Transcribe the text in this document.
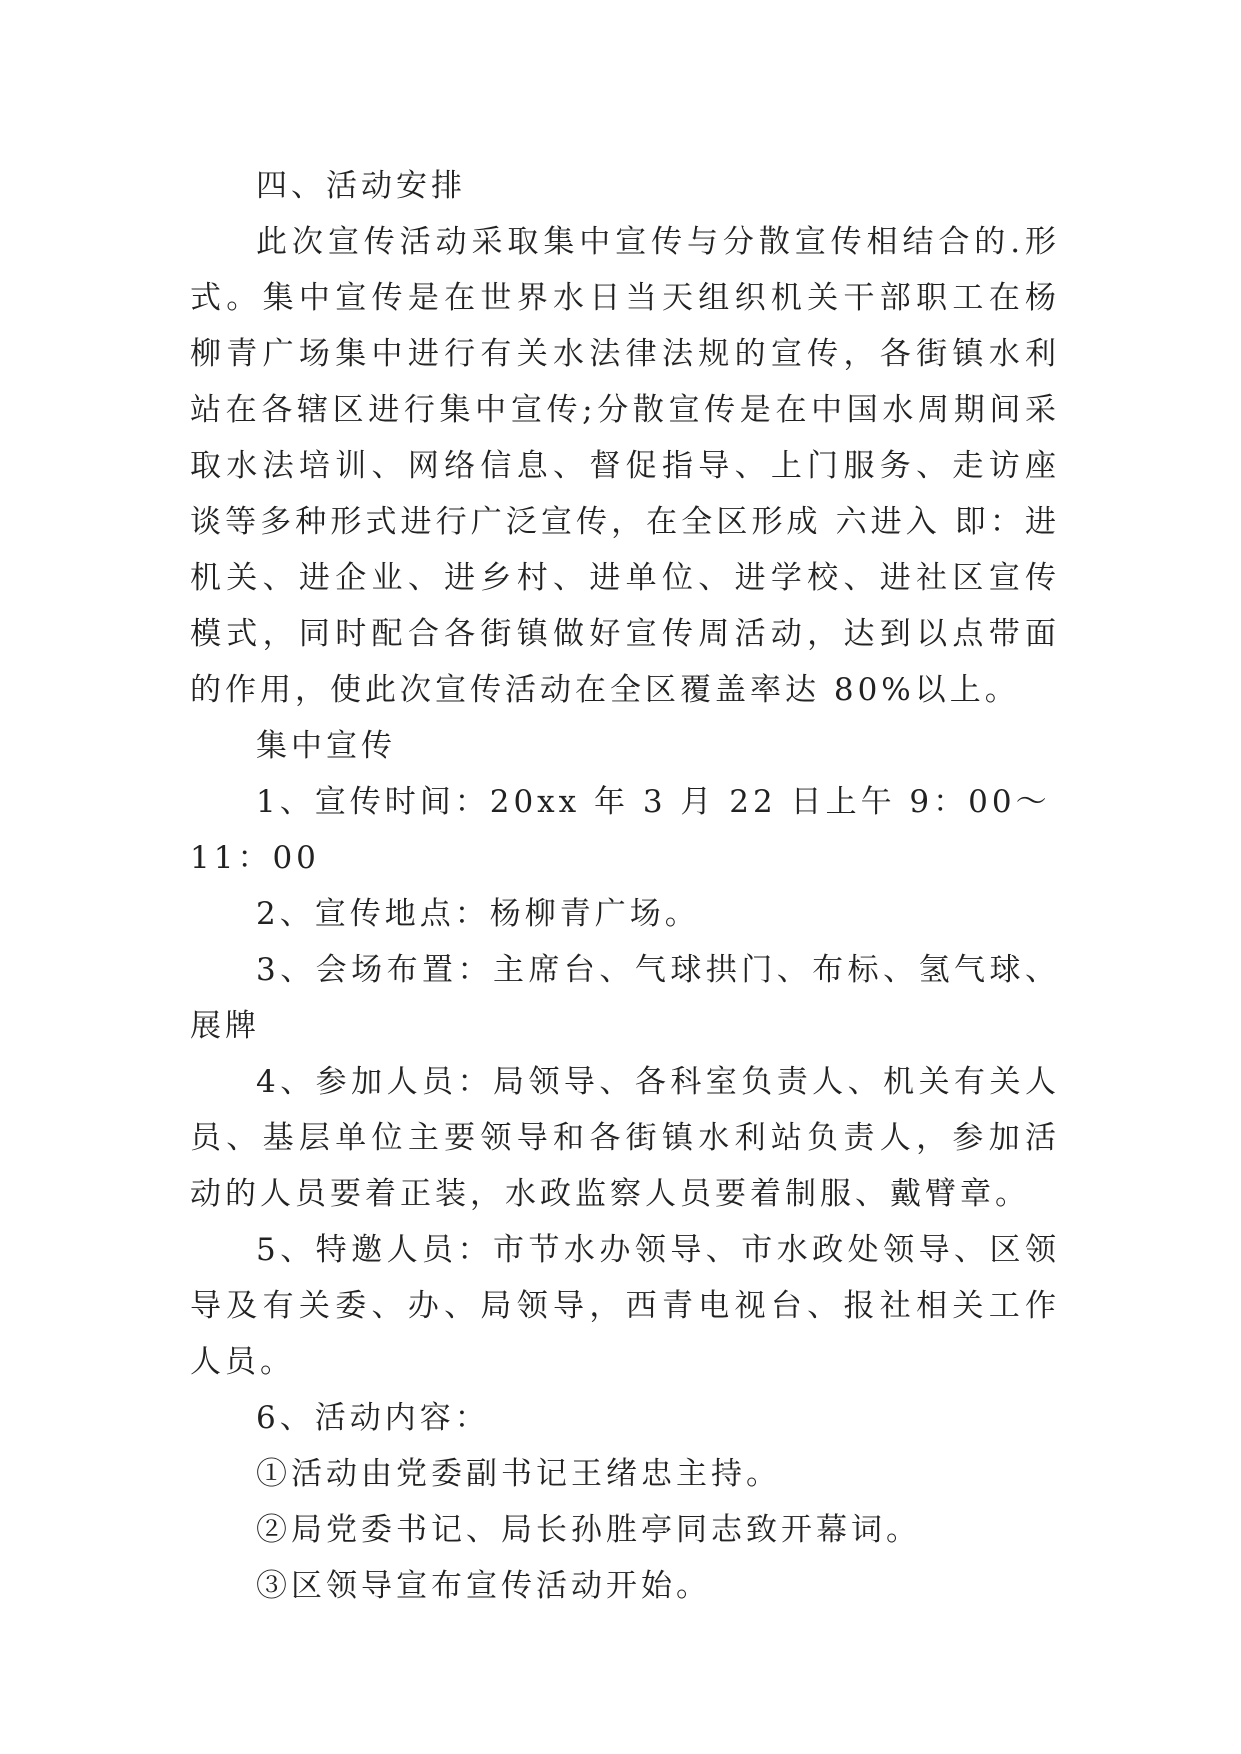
四、活动安排

此次宣传活动采取集中宣传与分散宣传相结合的.形式。集中宣传是在世界水日当天组织机关干部职工在杨柳青广场集中进行有关水法律法规的宣传，各街镇水利站在各辖区进行集中宣传;分散宣传是在中国水周期间采取水法培训、网络信息、督促指导、上门服务、走访座谈等多种形式进行广泛宣传，在全区形成 六进入 即：进机关、进企业、进乡村、进单位、进学校、进社区宣传模式，同时配合各街镇做好宣传周活动，达到以点带面的作用，使此次宣传活动在全区覆盖率达 80%以上。

集中宣传

1、宣传时间：20xx 年 3 月 22 日上午 9：00～11：00

2、宣传地点：杨柳青广场。

3、会场布置：主席台、气球拱门、布标、氢气球、展牌

4、参加人员：局领导、各科室负责人、机关有关人员、基层单位主要领导和各街镇水利站负责人，参加活动的人员要着正装，水政监察人员要着制服、戴臂章。

5、特邀人员：市节水办领导、市水政处领导、区领导及有关委、办、局领导，西青电视台、报社相关工作人员。

6、活动内容：

①活动由党委副书记王绪忠主持。

②局党委书记、局长孙胜亭同志致开幕词。

③区领导宣布宣传活动开始。
